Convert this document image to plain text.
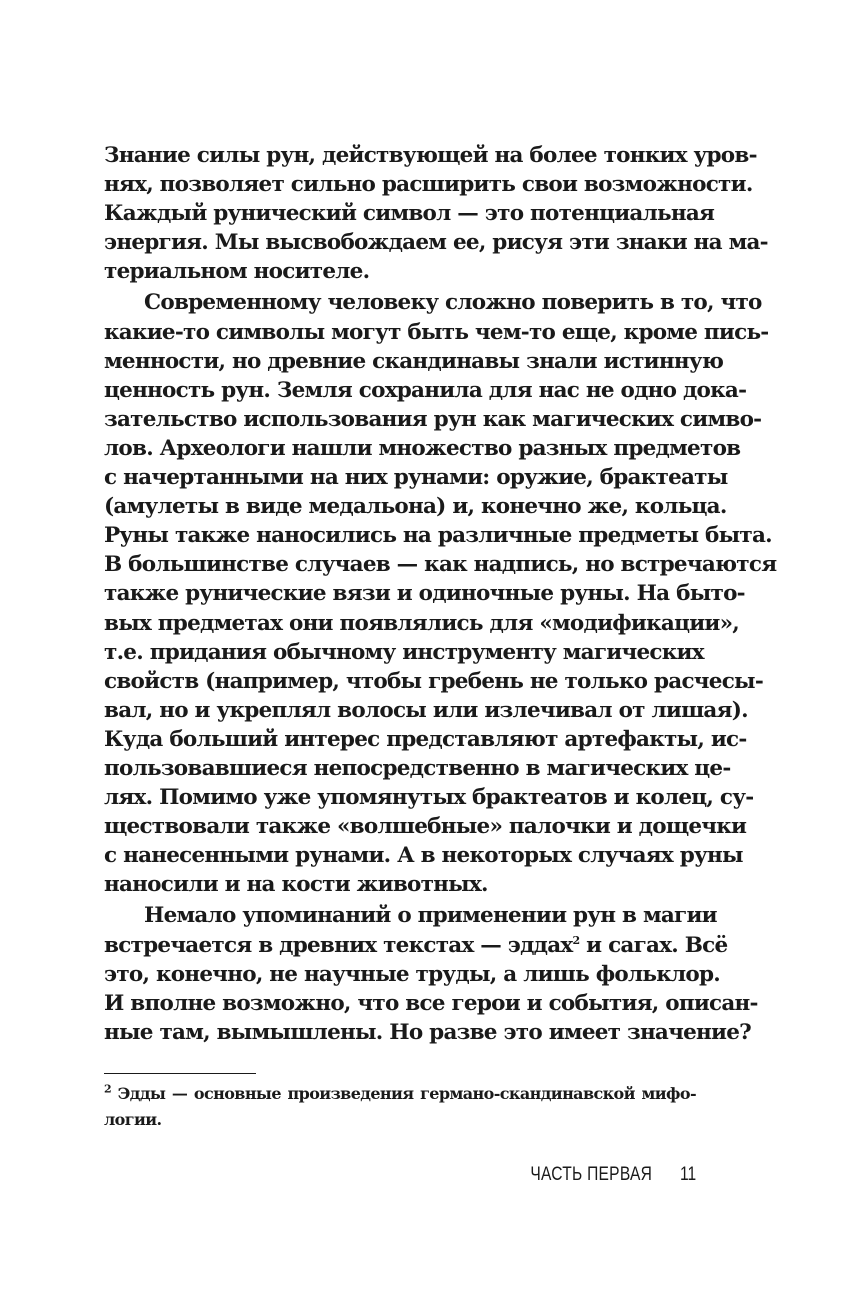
Знание силы рун, действующей на более тонких уров-
нях, позволяет сильно расширить свои возможности.
Каждый рунический символ — это потенциальная
энергия. Мы высвобождаем ее, рисуя эти знаки на ма-
териальном носителе.
Современному человеку сложно поверить в то, что
какие-то символы могут быть чем-то еще, кроме пись-
менности, но древние скандинавы знали истинную
ценность рун. Земля сохранила для нас не одно дока-
зательство использования рун как магических симво-
лов. Археологи нашли множество разных предметов
с начертанными на них рунами: оружие, брактеаты
(амулеты в виде медальона) и, конечно же, кольца.
Руны также наносились на различные предметы быта.
В большинстве случаев — как надпись, но встречаются
также рунические вязи и одиночные руны. На быто-
вых предметах они появлялись для «модификации»,
т.е. придания обычному инструменту магических
свойств (например, чтобы гребень не только расчесы-
вал, но и укреплял волосы или излечивал от лишая).
Куда больший интерес представляют артефакты, ис-
пользовавшиеся непосредственно в магических це-
лях. Помимо уже упомянутых брактеатов и колец, су-
ществовали также «волшебные» палочки и дощечки
с нанесенными рунами. А в некоторых случаях руны
наносили и на кости животных.
Немало упоминаний о применении рун в магии
встречается в древних текстах — эддах$^2$ и сагах. Всё
это, конечно, не научные труды, а лишь фольклор.
И вполне возможно, что все герои и события, описан-
ные там, вымышлены. Но разве это имеет значение?
$^2$ Эдды — основные произведения германо-скандинавской мифо-
логии.
ЧАСТЬ ПЕРВАЯ 11
